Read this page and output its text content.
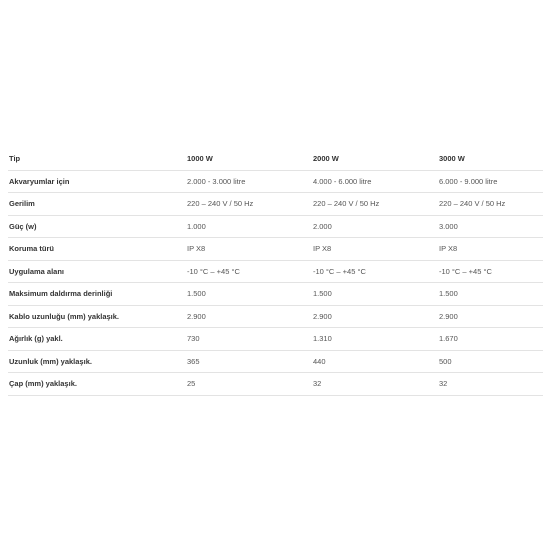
Tip	1000 W	2000 W	3000 W
Akvaryumlar için	2.000 - 3.000 litre	4.000 - 6.000 litre	6.000 - 9.000 litre
Gerilim	220 – 240 V / 50 Hz	220 – 240 V / 50 Hz	220 – 240 V / 50 Hz
Güç (w)	1.000	2.000	3.000
Koruma türü	IP X8	IP X8	IP X8
Uygulama alanı	-10 °C – +45 °C	-10 °C – +45 °C	-10 °C – +45 °C
Maksimum daldırma derinliği	1.500	1.500	1.500
Kablo uzunluğu (mm) yaklaşık.	2.900	2.900	2.900
Ağırlık (g) yakl.	730	1.310	1.670
Uzunluk (mm) yaklaşık.	365	440	500
Çap (mm) yaklaşık.	25	32	32
